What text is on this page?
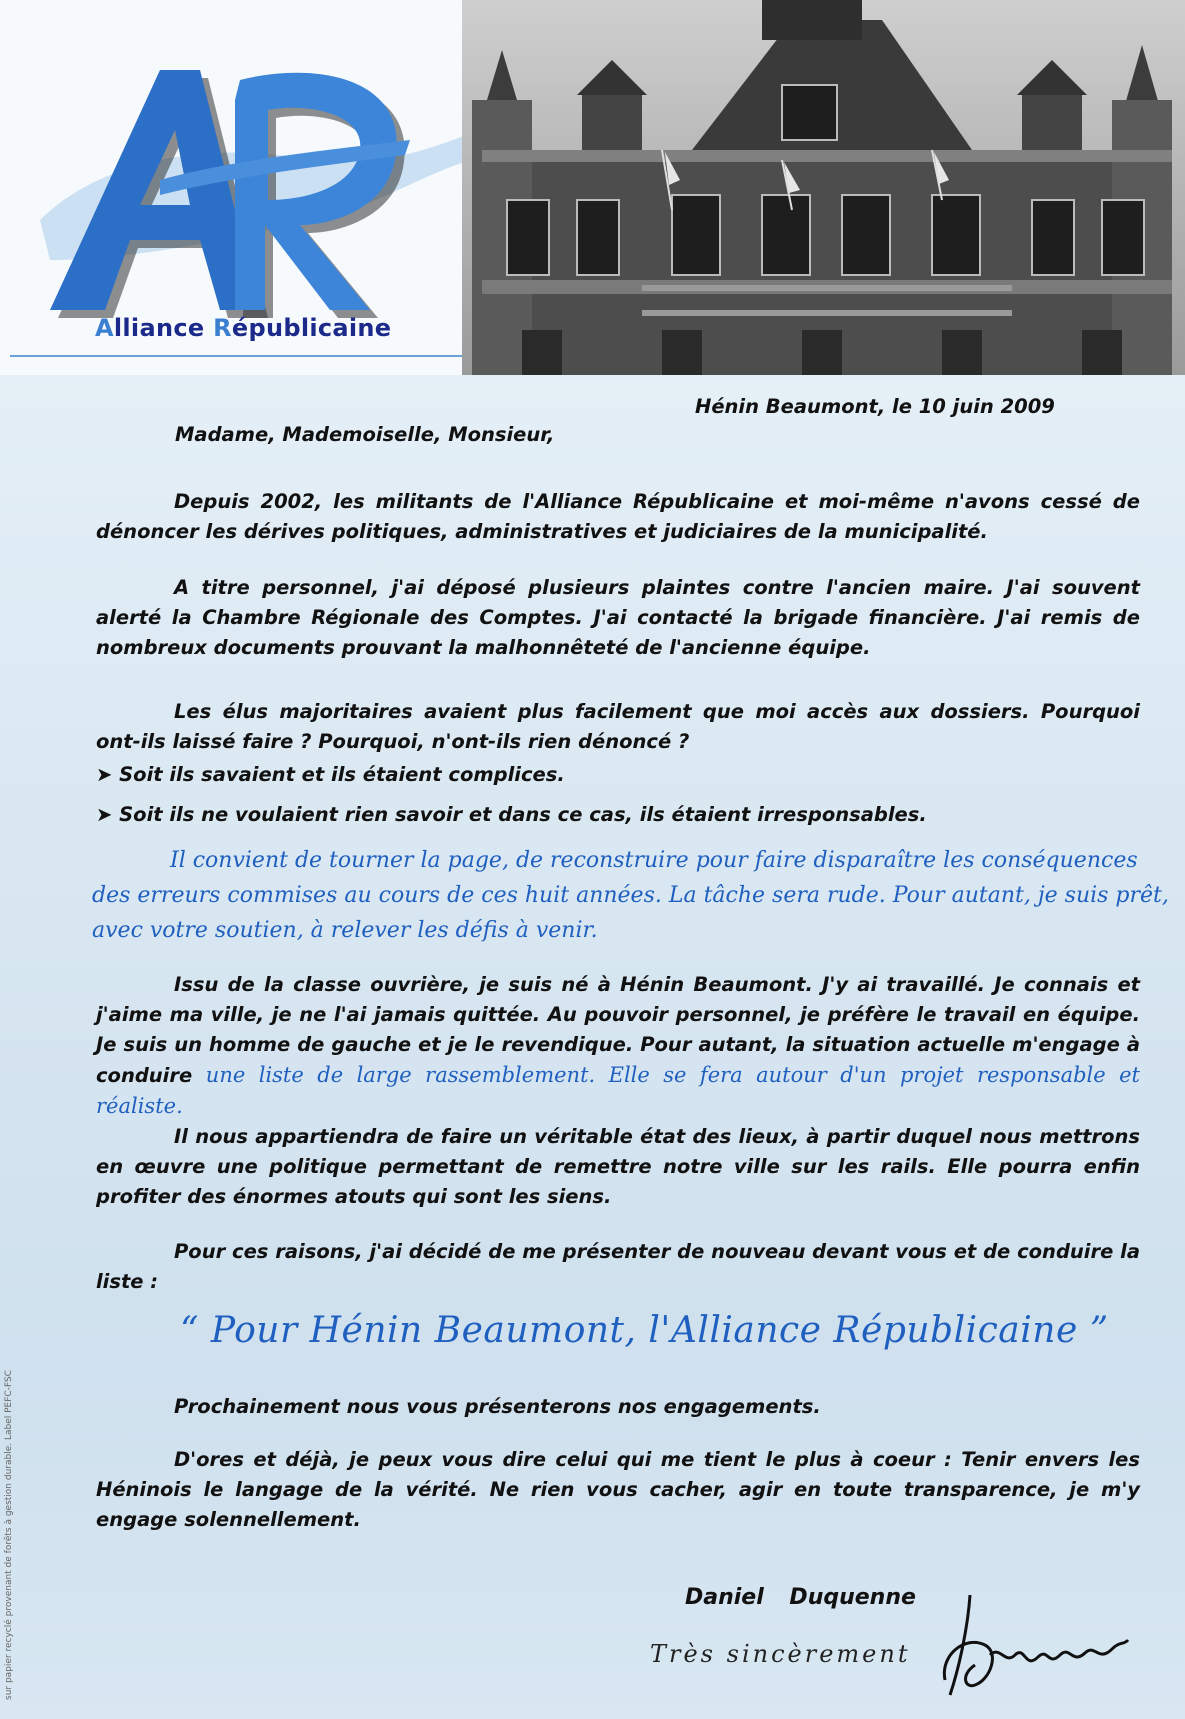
Alliance Républicaine
Hénin Beaumont, le 10 juin 2009
Madame, Mademoiselle, Monsieur,
Depuis 2002, les militants de l'Alliance Républicaine et moi-même n'avons cessé de dénoncer les dérives politiques, administratives et judiciaires de la municipalité.
A titre personnel, j'ai déposé plusieurs plaintes contre l'ancien maire. J'ai souvent alerté la Chambre Régionale des Comptes. J'ai contacté la brigade financière. J'ai remis de nombreux documents prouvant la malhonnêteté de l'ancienne équipe.
Les élus majoritaires avaient plus facilement que moi accès aux dossiers. Pourquoi ont-ils laissé faire ? Pourquoi, n'ont-ils rien dénoncé ?
➤ Soit ils savaient et ils étaient complices.
➤ Soit ils ne voulaient rien savoir et dans ce cas, ils étaient irresponsables.
Il convient de tourner la page, de reconstruire pour faire disparaître les conséquences
des erreurs commises au cours de ces huit années. La tâche sera rude. Pour autant, je suis prêt,
avec votre soutien, à relever les défis à venir.
Issu de la classe ouvrière, je suis né à Hénin Beaumont. J'y ai travaillé. Je connais et j'aime ma ville, je ne l'ai jamais quittée. Au pouvoir personnel, je préfère le travail en équipe. Je suis un homme de gauche et je le revendique. Pour autant, la situation actuelle m'engage à conduire une liste de large rassemblement. Elle se fera autour d'un projet responsable et réaliste.
Il nous appartiendra de faire un véritable état des lieux, à partir duquel nous mettrons en œuvre une politique permettant de remettre notre ville sur les rails. Elle pourra enfin profiter des énormes atouts qui sont les siens.
Pour ces raisons, j'ai décidé de me présenter de nouveau devant vous et de conduire la liste :
“ Pour Hénin Beaumont, l'Alliance Républicaine ”
Prochainement nous vous présenterons nos engagements.
D'ores et déjà, je peux vous dire celui qui me tient le plus à coeur : Tenir envers les Héninois le langage de la vérité. Ne rien vous cacher, agir en toute transparence, je m'y engage solennellement.
Daniel Duquenne
Très sincèrement
sur papier recyclé provenant de forêts à gestion durable. Label PEFC-FSC
